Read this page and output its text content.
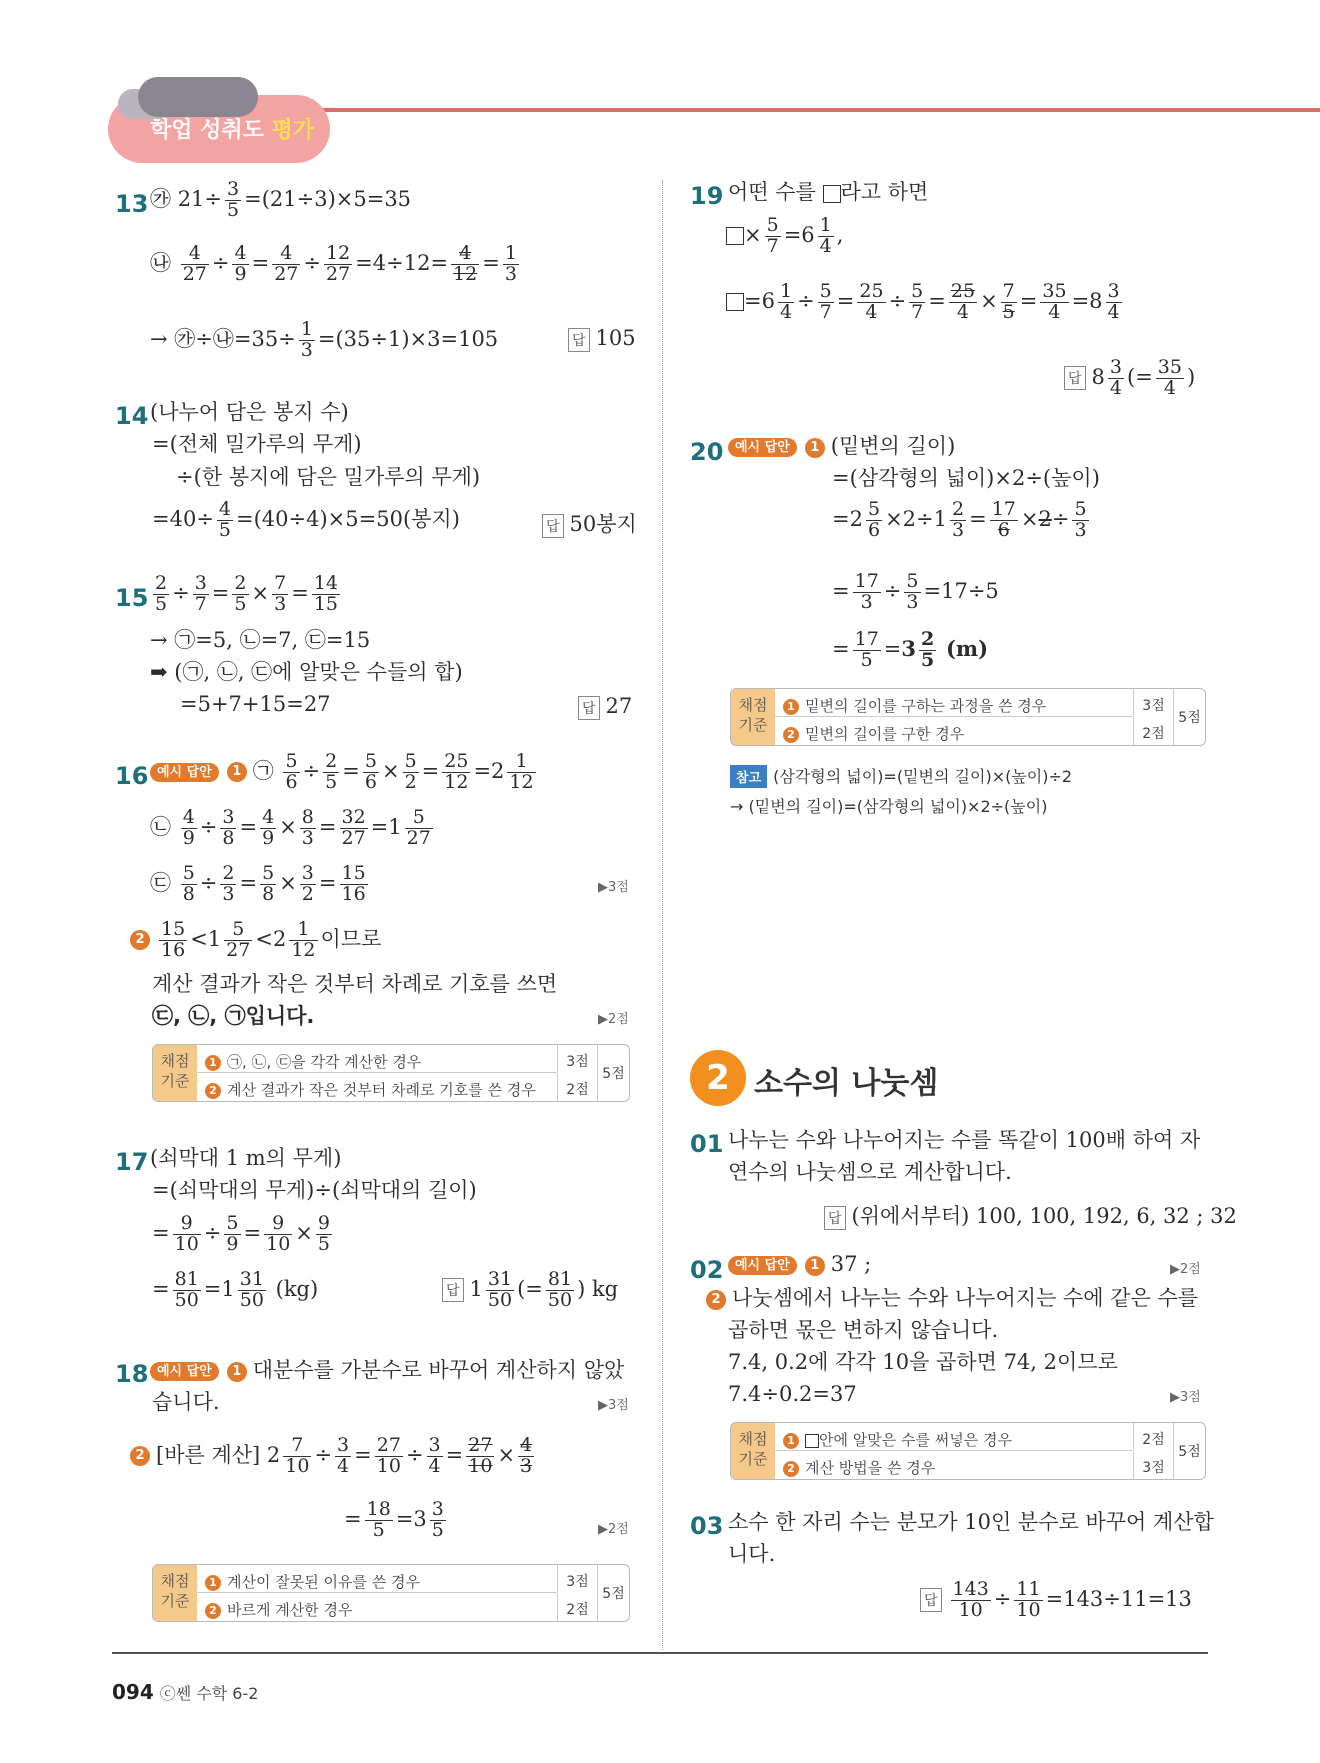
학업 성취도 평가
13 ㉮ $21\div \frac{3}{5} =(21\div 3)\times 5=35$
㉯ $\frac{4}{27} \div \frac{4}{9} = \frac{4}{27} \div \frac{12}{27} =4\div 12= \frac{4}{12} = \frac{1}{3}$
→ ㉮÷㉯=35÷ $\frac{1}{3} =(35\div 1)\times 3=105$	답 105
14 (나누어 담은 봉지 수)
=(전체 밀가루의 무게)
÷(한 봉지에 담은 밀가루의 무게)
$=40\div \frac{4}{5} =(40\div 4)\times 5=50$(봉지)	답 50봉지
$15 \frac{2}{5} \div \frac{3}{7} = \frac{2}{5} \times \frac{7}{3} = \frac{14}{15}$
→ ㉠=5, ㉡=7, ㉢=15
➡ (㉠, ㉡, ㉢에 알맞은 수들의 합)
=5+7+15=27	답 27
16 예시 답안 1 ㉠ $\frac{5}{6} \div \frac{2}{5} = \frac{5}{6} \times \frac{5}{2} = \frac{25}{12} =2 \frac{1}{12}$
㉡ $\frac{4}{9} \div \frac{3}{8} = \frac{4}{9} \times \frac{8}{3} = \frac{32}{27} =1 \frac{5}{27}$
㉢ $\frac{5}{8} \div \frac{2}{3} = \frac{5}{8} \times \frac{3}{2} = \frac{15}{16}$	▶3점
$2 \frac{15}{16} <1 \frac{5}{27} <2 \frac{1}{12}$ 이므로
계산 결과가 작은 것부터 차례로 기호를 쓰면
㉢, ㉡, ㉠입니다.	▶2점
채점
기준
1 ㉠, ㉡, ㉢을 각각 계산한 경우	3점
2 계산 결과가 작은 것부터 차례로 기호를 쓴 경우	2점
5점
17 (쇠막대 1 m의 무게)
=(쇠막대의 무게)÷(쇠막대의 길이)
= $\frac{9}{10} \div \frac{5}{9} = \frac{9}{10} \times \frac{9}{5}$
= $\frac{81}{50} =1 \frac{31}{50} (kg)$	답 $1 \frac{31}{50}$ (= $\frac{81}{50}$ ) kg
18 예시 답안 1 대분수를 가분수로 바꾸어 계산하지 않았
습니다.	▶3점
2 [바른 계산] $2 \frac{7}{10} \div \frac{3}{4} = \frac{27}{10} \div \frac{3}{4} = \frac{27}{10} \times \frac{4}{3}$
= $\frac{18}{5} =3 \frac{3}{5}$	▶2점
채점
기준
1 계산이 잘못된 이유를 쓴 경우	3점
2 바르게 계산한 경우	2점
5점
19 어떤 수를 라고 하면
× $\frac{5}{7} =6 \frac{1}{4}$ ,
$=6 \frac{1}{4} \div \frac{5}{7} = \frac{25}{4} \div \frac{5}{7} = \frac{25}{4} \times \frac{7}{5} = \frac{35}{4} =8 \frac{3}{4}$
답 $8 \frac{3}{4}$ (= $\frac{35}{4}$ )
20 예시 답안 1 (밑변의 길이)
=(삼각형의 넓이)×2÷(높이)
$=2 \frac{5}{6} \times 2\div 1 \frac{2}{3} = \frac{17}{6} \times 2\div \frac{5}{3}$
= $\frac{17}{3} \div \frac{5}{3} =17\div 5$
= $\frac{17}{5} =3 \frac{2}{5} (m)$
채점
기준
1 밑변의 길이를 구하는 과정을 쓴 경우	3점
2 밑변의 길이를 구한 경우	2점
5점
참고 (삼각형의 넓이)=(밑변의 길이)×(높이)÷2
→ (밑변의 길이)=(삼각형의 넓이)×2÷(높이)
2 소수의 나눗셈
01 나누는 수와 나누어지는 수를 똑같이 100배 하여 자
연수의 나눗셈으로 계산합니다.
답 (위에서부터) 100, 100, 192, 6, 32 ; 32
02 예시 답안 1 37 ;	▶2점
2 나눗셈에서 나누는 수와 나누어지는 수에 같은 수를
곱하면 몫은 변하지 않습니다.
7.4, 0.2에 각각 10을 곱하면 74, 2이므로
7.4÷0.2=37	▶3점
채점
기준
1 안에 알맞은 수를 써넣은 경우	2점
2 계산 방법을 쓴 경우	3점
5점
03 소수 한 자리 수는 분모가 10인 분수로 바꾸어 계산합
니다.
답 $\frac{143}{10} \div \frac{11}{10} =143\div 11=13$
094 ⓒ쎈 수학 6-2
